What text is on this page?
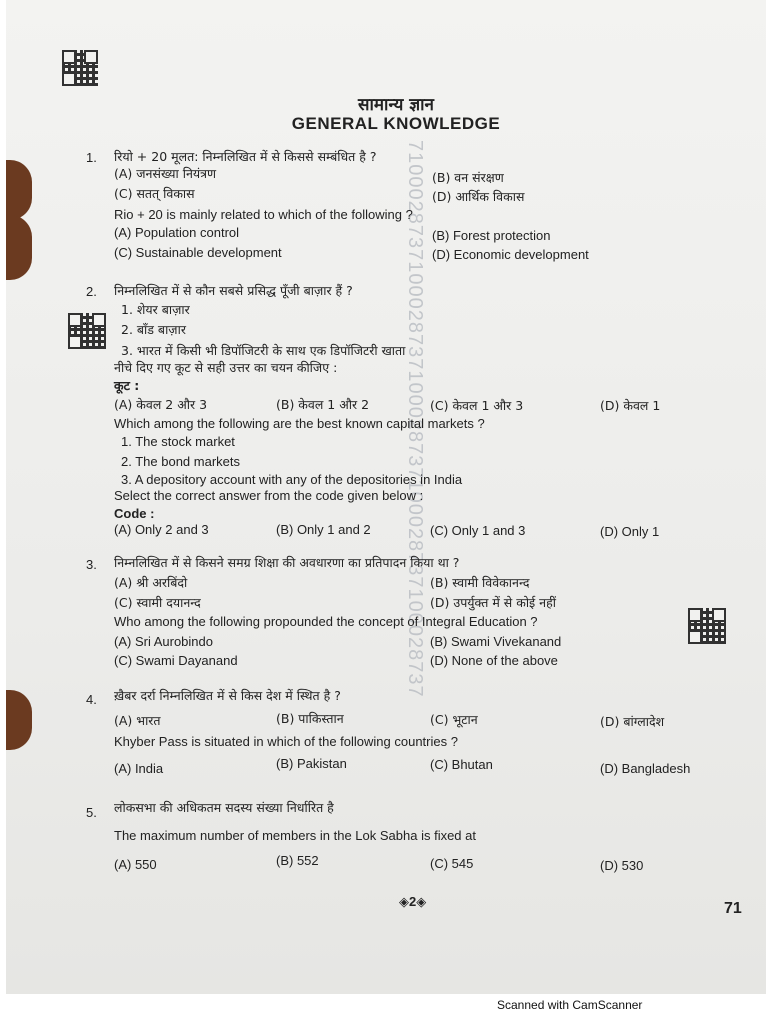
7100028737100028737100028737100028737100028737
सामान्य ज्ञान
GENERAL KNOWLEDGE
1. रियो + 20 मूलत: निम्नलिखित में से किससे सम्बंधित है ?
(A) जनसंख्या नियंत्रण	(B) वन संरक्षण
(C) सतत् विकास	(D) आर्थिक विकास
Rio + 20 is mainly related to which of the following ?
(A) Population control	(B) Forest protection
(C) Sustainable development	(D) Economic development
2. निम्नलिखित में से कौन सबसे प्रसिद्ध पूँजी बाज़ार हैं ?
1. शेयर बाज़ार
2. बॉंड बाज़ार
3. भारत में किसी भी डिपॉजिटरी के साथ एक डिपॉजिटरी खाता
नीचे दिए गए कूट से सही उत्तर का चयन कीजिए :
कूट :
(A) केवल 2 और 3	(B) केवल 1 और 2	(C) केवल 1 और 3	(D) केवल 1
Which among the following are the best known capital markets ?
1. The stock market
2. The bond markets
3. A depository account with any of the depositories in India
Select the correct answer from the code given below :
Code :
(A) Only 2 and 3	(B) Only 1 and 2	(C) Only 1 and 3	(D) Only 1
3. निम्नलिखित में से किसने समग्र शिक्षा की अवधारणा का प्रतिपादन किया था ?
(A) श्री अरबिंदो	(B) स्वामी विवेकानन्द
(C) स्वामी दयानन्द	(D) उपर्युक्त में से कोई नहीं
Who among the following propounded the concept of Integral Education ?
(A) Sri Aurobindo	(B) Swami Vivekanand
(C) Swami Dayanand	(D) None of the above
4. ख़ैबर दर्रा निम्नलिखित में से किस देश में स्थित है ?
(A) भारत	(B) पाकिस्तान	(C) भूटान	(D) बांग्लादेश
Khyber Pass is situated in which of the following countries ?
(A) India	(B) Pakistan	(C) Bhutan	(D) Bangladesh
5. लोकसभा की अधिकतम सदस्य संख्या निर्धारित है
The maximum number of members in the Lok Sabha is fixed at
(A) 550	(B) 552	(C) 545	(D) 530
◈2◈	71
Scanned with CamScanner
